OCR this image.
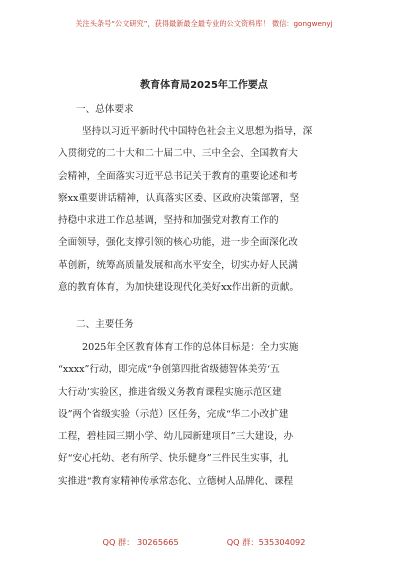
关注头条号“公文研究”，获得最新最全最专业的公文资料库！ 微信：gongwenyj
教育体育局2025年工作要点
一、总体要求
坚持以习近平新时代中国特色社会主义思想为指导，深
入贯彻党的二十大和二十届二中、三中全会、全国教育大
会精神，全面落实习近平总书记关于教育的重要论述和考
察xx重要讲话精神，认真落实区委、区政府决策部署，坚
持稳中求进工作总基调，坚持和加强党对教育工作的
全面领导，强化支撑引领的核心功能，进一步全面深化改
革创新，统筹高质量发展和高水平安全，切实办好人民满
意的教育体育，为加快建设现代化美好xx作出新的贡献。
二、主要任务
2025年全区教育体育工作的总体目标是：全力实施
“xxxx”行动，即完成“争创第四批省级德智体美劳‘五
大行动’实验区，推进省级义务教育课程实施示范区建
设”两个省级实验（示范）区任务，完成“华二小改扩建
工程，碧桂园三期小学、幼儿园新建项目”三大建设，办
好“安心托幼、老有所学、快乐健身”三件民生实事，扎
实推进“教育家精神传承常态化、立德树人品牌化、课程
QQ 群： 30265665	QQ 群：535304092
